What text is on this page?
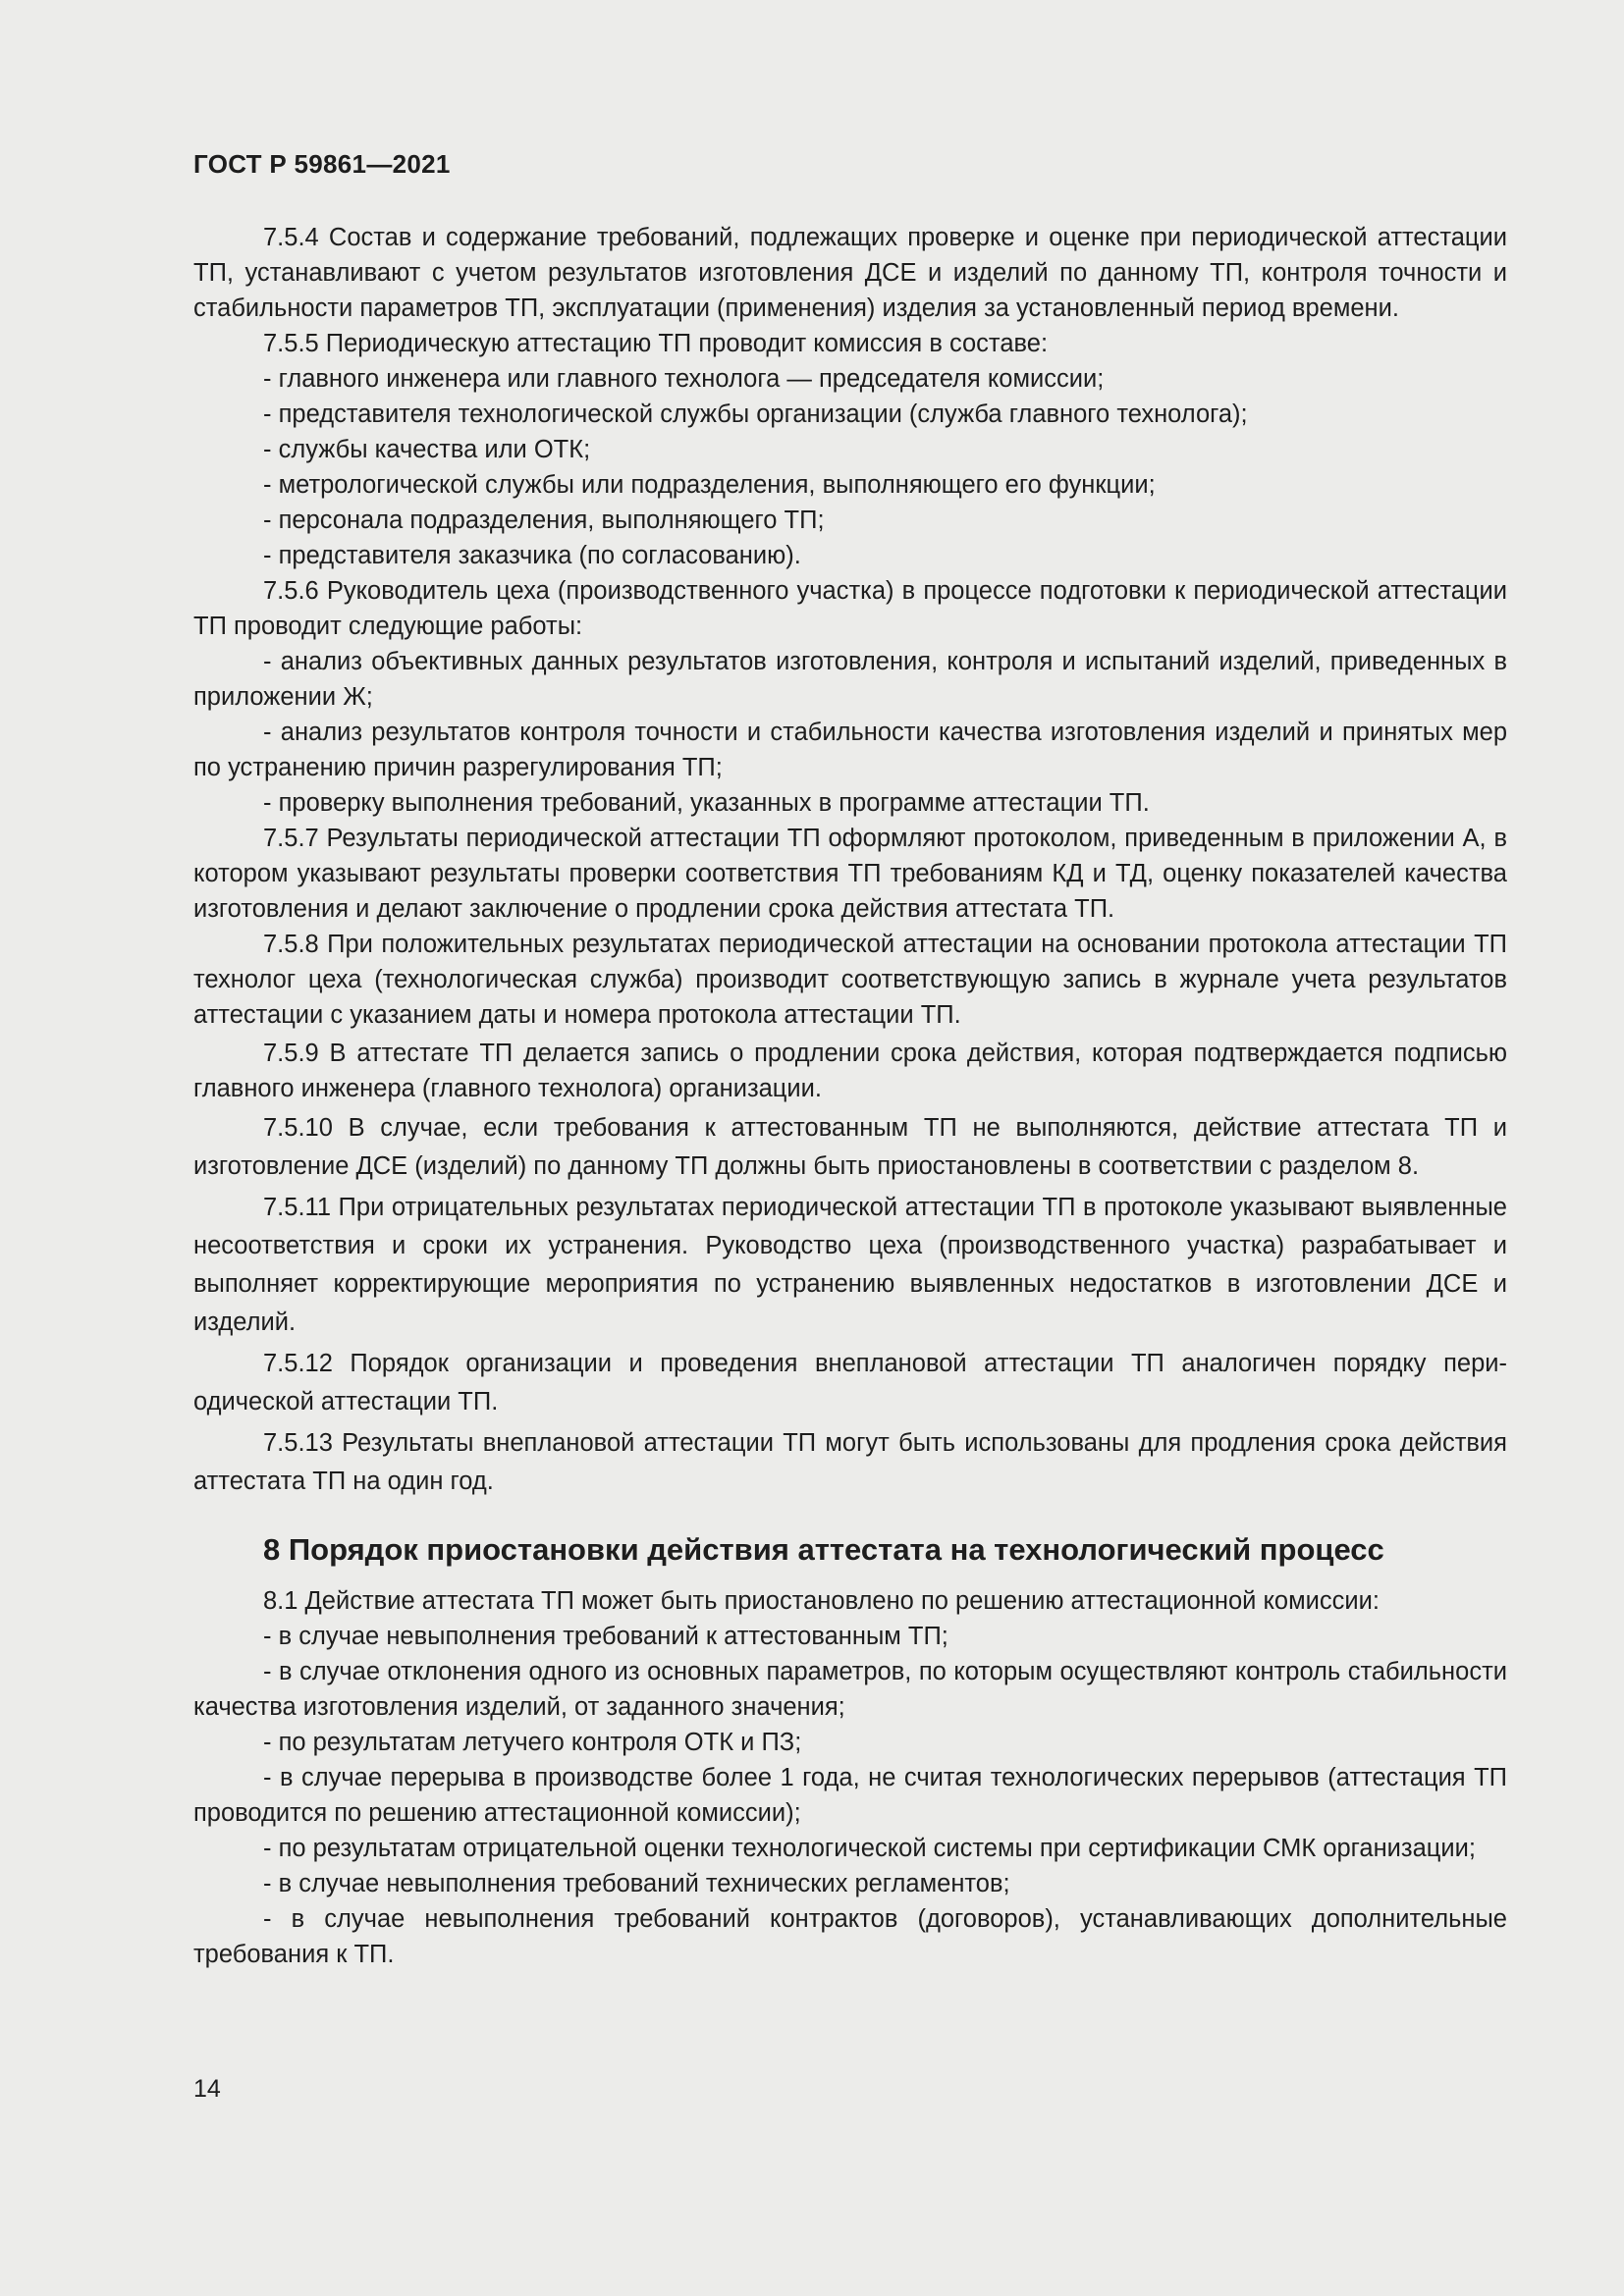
ГОСТ Р 59861—2021

7.5.4 Состав и содержание требований, подлежащих проверке и оценке при периодической аттестации ТП, устанавливают с учетом результатов изготовления ДСЕ и изделий по данному ТП, контроля точности и стабильности параметров ТП, эксплуатации (применения) изделия за установленный период времени.

7.5.5 Периодическую аттестацию ТП проводит комиссия в составе:

- главного инженера или главного технолога — председателя комиссии;

- представителя технологической службы организации (служба главного технолога);

- службы качества или ОТК;

- метрологической службы или подразделения, выполняющего его функции;

- персонала подразделения, выполняющего ТП;

- представителя заказчика (по согласованию).

7.5.6 Руководитель цеха (производственного участка) в процессе подготовки к периодической аттестации ТП проводит следующие работы:

- анализ объективных данных результатов изготовления, контроля и испытаний изделий, приведенных в приложении Ж;

- анализ результатов контроля точности и стабильности качества изготовления изделий и принятых мер по устранению причин разрегулирования ТП;

- проверку выполнения требований, указанных в программе аттестации ТП.

7.5.7 Результаты периодической аттестации ТП оформляют протоколом, приведенным в приложении А, в котором указывают результаты проверки соответствия ТП требованиям КД и ТД, оценку показателей качества изготовления и делают заключение о продлении срока действия аттестата ТП.

7.5.8 При положительных результатах периодической аттестации на основании протокола аттестации ТП технолог цеха (технологическая служба) производит соответствующую запись в журнале учета результатов аттестации с указанием даты и номера протокола аттестации ТП.

7.5.9 В аттестате ТП делается запись о продлении срока действия, которая подтверждается подписью главного инженера (главного технолога) организации.

7.5.10 В случае, если требования к аттестованным ТП не выполняются, действие аттестата ТП и изготовление ДСЕ (изделий) по данному ТП должны быть приостановлены в соответствии с разделом 8.

7.5.11 При отрицательных результатах периодической аттестации ТП в протоколе указывают выявленные несоответствия и сроки их устранения. Руководство цеха (производственного участка) разрабатывает и выполняет корректирующие мероприятия по устранению выявленных недостатков в изготовлении ДСЕ и изделий.

7.5.12 Порядок организации и проведения внеплановой аттестации ТП аналогичен порядку периодической аттестации ТП.

7.5.13 Результаты внеплановой аттестации ТП могут быть использованы для продления срока действия аттестата ТП на один год.

8 Порядок приостановки действия аттестата на технологический процесс

8.1 Действие аттестата ТП может быть приостановлено по решению аттестационной комиссии:

- в случае невыполнения требований к аттестованным ТП;

- в случае отклонения одного из основных параметров, по которым осуществляют контроль стабильности качества изготовления изделий, от заданного значения;

- по результатам летучего контроля ОТК и ПЗ;

- в случае перерыва в производстве более 1 года, не считая технологических перерывов (аттестация ТП проводится по решению аттестационной комиссии);

- по результатам отрицательной оценки технологической системы при сертификации СМК организации;

- в случае невыполнения требований технических регламентов;

- в случае невыполнения требований контрактов (договоров), устанавливающих дополнительные требования к ТП.

14
